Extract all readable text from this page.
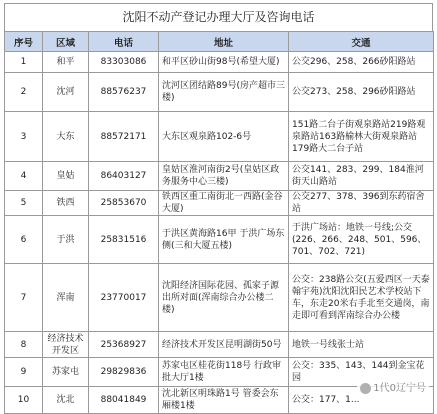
沈阳不动产登记办理大厅及咨询电话
序号	区域	电话	地址	交通
1	和平	83303086	和平区砂山街98号(希望大厦)	公交296、258、266砂阳路站
2	沈河	88576237	沈河区团结路89号(房产超市三楼)	公交273、258、296砂阳路站
3	大东	88572171	大东区观泉路102-6号	151路二台子街观泉路站219路观泉路站163路榆林大街观泉路站179路大二台子站
4	皇姑	86403127	皇姑区淮河南街2号(皇姑区政务服务中心三楼)	公交141、283、299、184淮河街天山路站
5	铁西	25853670	铁西区重工南街北一西路(金谷大厦)	公交277、378、396到东药宿舍站
6	于洪	25831516	于洪区黄海路16甲 于洪广场东侧(三和大厦五楼)	于洪广场站：地铁一号线;公交(226、266、248、501、596、701、702、721)
7	浑南	23770017	沈阳经济国际花园、孤家子源出所对面(浑南综合办公楼二楼)	公交：238路公交(五爱西区一天泰翰宇苑)沈阳沈阳民艺术学校站下车，东走20米右手北至交通岗，南走即可看到浑南综合办公楼
8	经济技术开发区	25368927	经济技术开发区昆明湖街50号	地铁一号线张士站
9	苏家屯	29829836	苏家屯区桂花街118号 行政审批大厅1楼	公交：335、143、144到金宝花园
10	沈北	88041849	沈北新区明珠路1号 管委会东厢楼1楼	公交：177、1...	1代0辽宁号
